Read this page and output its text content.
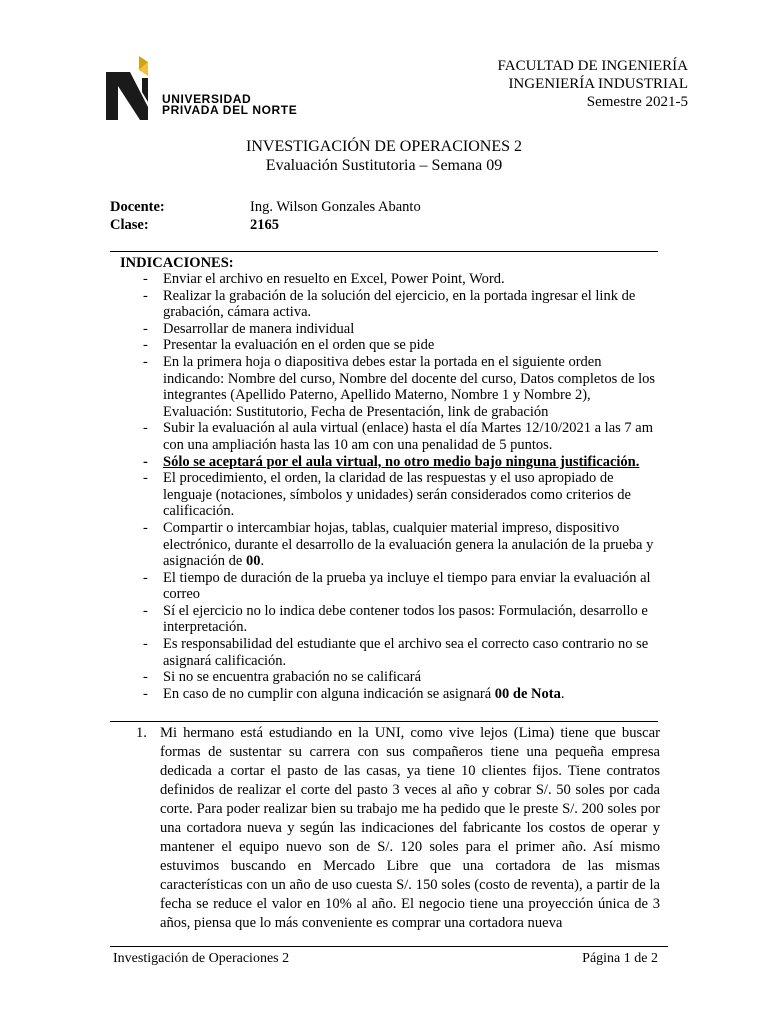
UNIVERSIDAD
PRIVADA DEL NORTE
FACULTAD DE INGENIERÍA
INGENIERÍA INDUSTRIAL
Semestre 2021-5
INVESTIGACIÓN DE OPERACIONES 2
Evaluación Sustitutoria – Semana 09
Docente:	Ing. Wilson Gonzales Abanto
Clase:	2165
INDICACIONES:
- Enviar el archivo en resuelto en Excel, Power Point, Word.
- Realizar la grabación de la solución del ejercicio, en la portada ingresar el link de grabación, cámara activa.
- Desarrollar de manera individual
- Presentar la evaluación en el orden que se pide
- En la primera hoja o diapositiva debes estar la portada en el siguiente orden indicando: Nombre del curso, Nombre del docente del curso, Datos completos de los integrantes (Apellido Paterno, Apellido Materno, Nombre 1 y Nombre 2), Evaluación: Sustitutorio, Fecha de Presentación, link de grabación
- Subir la evaluación al aula virtual (enlace) hasta el día Martes 12/10/2021 a las 7 am con una ampliación hasta las 10 am con una penalidad de 5 puntos.
- Sólo se aceptará por el aula virtual, no otro medio bajo ninguna justificación.
- El procedimiento, el orden, la claridad de las respuestas y el uso apropiado de lenguaje (notaciones, símbolos y unidades) serán considerados como criterios de calificación.
- Compartir o intercambiar hojas, tablas, cualquier material impreso, dispositivo electrónico, durante el desarrollo de la evaluación genera la anulación de la prueba y asignación de 00.
- El tiempo de duración de la prueba ya incluye el tiempo para enviar la evaluación al correo
- Sí el ejercicio no lo indica debe contener todos los pasos: Formulación, desarrollo e interpretación.
- Es responsabilidad del estudiante que el archivo sea el correcto caso contrario no se asignará calificación.
- Si no se encuentra grabación no se calificará
- En caso de no cumplir con alguna indicación se asignará 00 de Nota.
1. Mi hermano está estudiando en la UNI, como vive lejos (Lima) tiene que buscar formas de sustentar su carrera con sus compañeros tiene una pequeña empresa dedicada a cortar el pasto de las casas, ya tiene 10 clientes fijos. Tiene contratos definidos de realizar el corte del pasto 3 veces al año y cobrar S/. 50 soles por cada corte. Para poder realizar bien su trabajo me ha pedido que le preste S/. 200 soles por una cortadora nueva y según las indicaciones del fabricante los costos de operar y mantener el equipo nuevo son de S/. 120 soles para el primer año. Así mismo estuvimos buscando en Mercado Libre que una cortadora de las mismas características con un año de uso cuesta S/. 150 soles (costo de reventa), a partir de la fecha se reduce el valor en 10% al año. El negocio tiene una proyección única de 3 años, piensa que lo más conveniente es comprar una cortadora nueva
Investigación de Operaciones 2	Página 1 de 2
